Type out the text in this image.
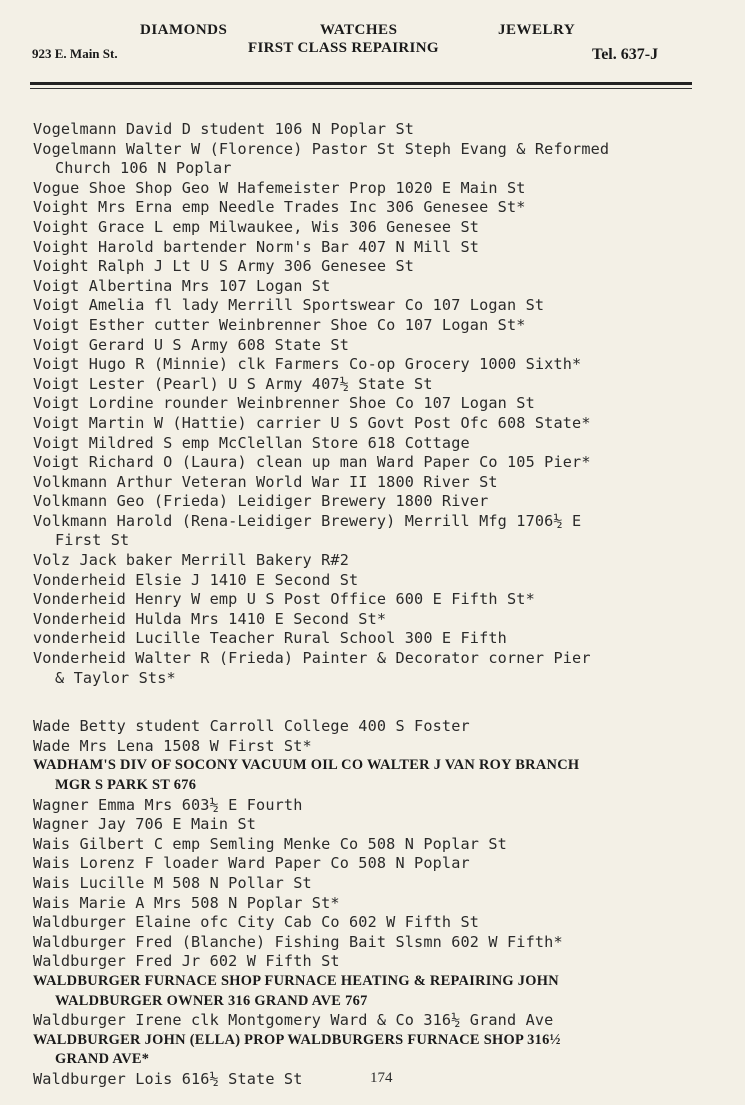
DIAMONDS	WATCHES	JEWELRY
923 E. Main St.	FIRST CLASS REPAIRING	Tel. 637-J
Vogelmann David D student 106 N Poplar St
Vogelmann Walter W (Florence) Pastor St Steph Evang & Reformed
Church 106 N Poplar
Vogue Shoe Shop Geo W Hafemeister Prop 1020 E Main St
Voight Mrs Erna emp Needle Trades Inc 306 Genesee St*
Voight Grace L emp Milwaukee, Wis 306 Genesee St
Voight Harold bartender Norm's Bar 407 N Mill St
Voight Ralph J Lt U S Army 306 Genesee St
Voigt Albertina Mrs 107 Logan St
Voigt Amelia fl lady Merrill Sportswear Co 107 Logan St
Voigt Esther cutter Weinbrenner Shoe Co 107 Logan St*
Voigt Gerard U S Army 608 State St
Voigt Hugo R (Minnie) clk Farmers Co-op Grocery 1000 Sixth*
Voigt Lester (Pearl) U S Army 407½ State St
Voigt Lordine rounder Weinbrenner Shoe Co 107 Logan St
Voigt Martin W (Hattie) carrier U S Govt Post Ofc 608 State*
Voigt Mildred S emp McClellan Store 618 Cottage
Voigt Richard O (Laura) clean up man Ward Paper Co 105 Pier*
Volkmann Arthur Veteran World War II 1800 River St
Volkmann Geo (Frieda) Leidiger Brewery 1800 River
Volkmann Harold (Rena-Leidiger Brewery) Merrill Mfg 1706½ E
First St
Volz Jack baker Merrill Bakery R#2
Vonderheid Elsie J 1410 E Second St
Vonderheid Henry W emp U S Post Office 600 E Fifth St*
Vonderheid Hulda Mrs 1410 E Second St*
vonderheid Lucille Teacher Rural School 300 E Fifth
Vonderheid Walter R (Frieda) Painter & Decorator corner Pier
& Taylor Sts*
Wade Betty student Carroll College 400 S Foster
Wade Mrs Lena 1508 W First St*
WADHAM'S DIV OF SOCONY VACUUM OIL CO WALTER J VAN ROY BRANCH
MGR S PARK ST 676
Wagner Emma Mrs 603½ E Fourth
Wagner Jay 706 E Main St
Wais Gilbert C emp Semling Menke Co 508 N Poplar St
Wais Lorenz F loader Ward Paper Co 508 N Poplar
Wais Lucille M 508 N Pollar St
Wais Marie A Mrs 508 N Poplar St*
Waldburger Elaine ofc City Cab Co 602 W Fifth St
Waldburger Fred (Blanche) Fishing Bait Slsmn 602 W Fifth*
Waldburger Fred Jr 602 W Fifth St
WALDBURGER FURNACE SHOP FURNACE HEATING & REPAIRING JOHN
WALDBURGER OWNER 316 GRAND AVE 767
Waldburger Irene clk Montgomery Ward & Co 316½ Grand Ave
WALDBURGER JOHN (ELLA) PROP WALDBURGERS FURNACE SHOP 316½
GRAND AVE*
Waldburger Lois 616½ State St	174
